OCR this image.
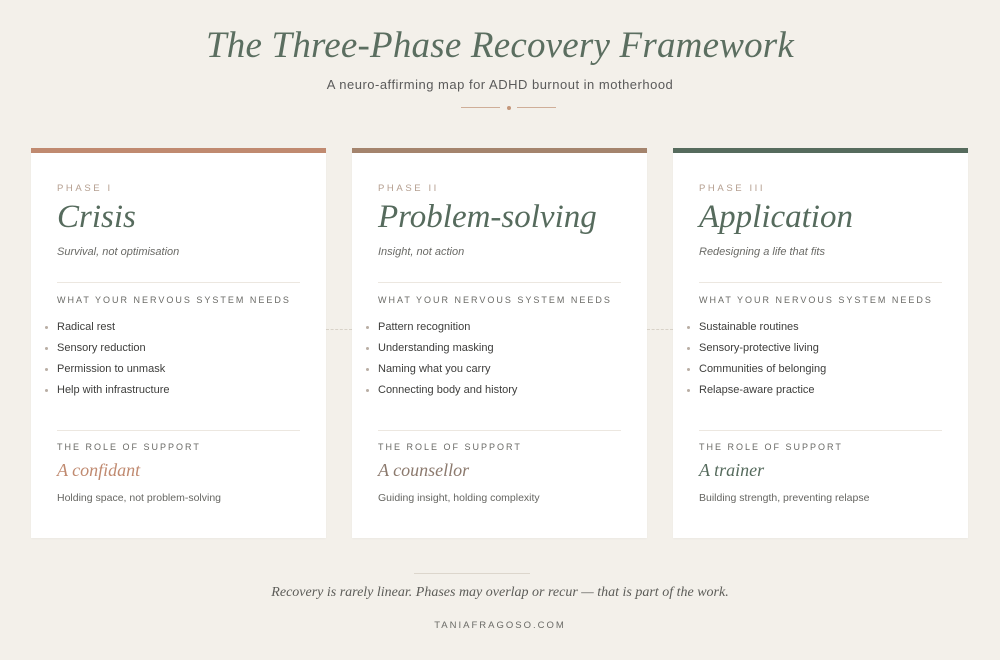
The Three-Phase Recovery Framework
A neuro-affirming map for ADHD burnout in motherhood
PHASE I
Crisis
Survival, not optimisation
WHAT YOUR NERVOUS SYSTEM NEEDS
Radical rest
Sensory reduction
Permission to unmask
Help with infrastructure
THE ROLE OF SUPPORT
A confidant
Holding space, not problem-solving
PHASE II
Problem-solving
Insight, not action
WHAT YOUR NERVOUS SYSTEM NEEDS
Pattern recognition
Understanding masking
Naming what you carry
Connecting body and history
THE ROLE OF SUPPORT
A counsellor
Guiding insight, holding complexity
PHASE III
Application
Redesigning a life that fits
WHAT YOUR NERVOUS SYSTEM NEEDS
Sustainable routines
Sensory-protective living
Communities of belonging
Relapse-aware practice
THE ROLE OF SUPPORT
A trainer
Building strength, preventing relapse
Recovery is rarely linear. Phases may overlap or recur — that is part of the work.
TANIAFRAGOSO.COM
